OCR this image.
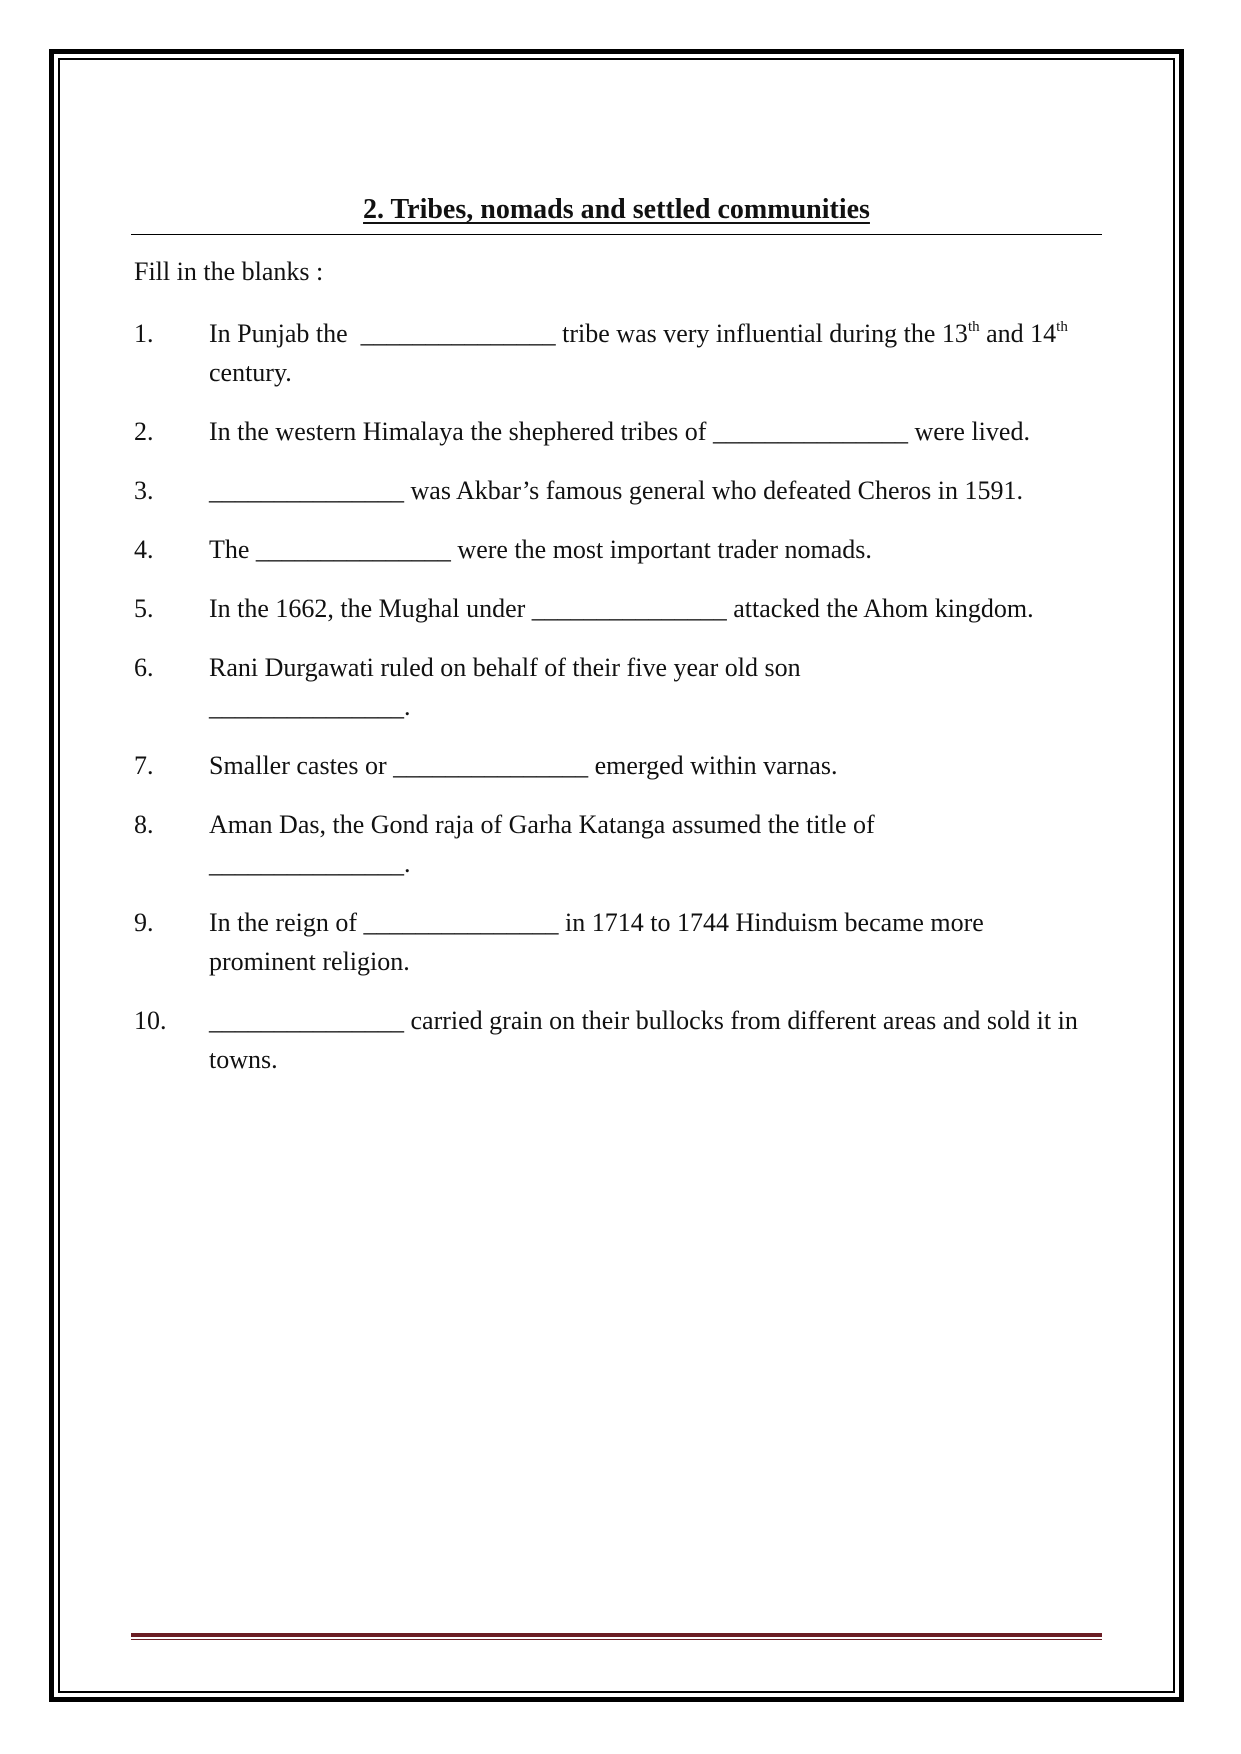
2. Tribes, nomads and settled communities
Fill in the blanks :
1.	In Punjab the  _______________ tribe was very influential during the 13th and 14th  century.
2.	In the western Himalaya the shephered tribes of _______________ were lived.
3.	_______________ was Akbar’s famous general who defeated Cheros in 1591.
4.	The _______________ were the most important trader nomads.
5.	In the 1662, the Mughal under _______________ attacked the Ahom kingdom.
6.	Rani Durgawati ruled on behalf of their five year old son
_______________.
7.	Smaller castes or _______________ emerged within varnas.
8.	Aman Das, the Gond raja of Garha Katanga assumed the title of
_______________.
9.	In the reign of _______________ in 1714 to 1744 Hinduism became more prominent religion.
10.	_______________ carried grain on their bullocks from different areas and sold it in towns.
